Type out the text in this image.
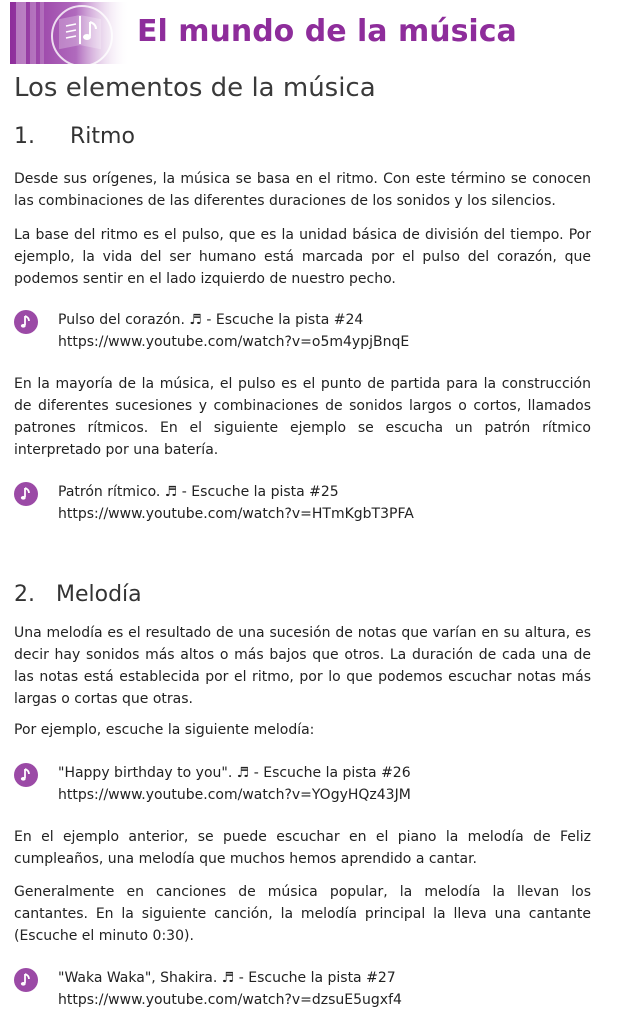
El mundo de la música
Los elementos de la música
1. Ritmo

Desde sus orígenes, la música se basa en el ritmo. Con este término se conocen las combinaciones de las diferentes duraciones de los sonidos y los silencios.

La base del ritmo es el pulso, que es la unidad básica de división del tiempo. Por ejemplo, la vida del ser humano está marcada por el pulso del corazón, que podemos sentir en el lado izquierdo de nuestro pecho.

Pulso del corazón. ♬ - Escuche la pista #24
https://www.youtube.com/watch?v=o5m4ypjBnqE

En la mayoría de la música, el pulso es el punto de partida para la construcción de diferentes sucesiones y combinaciones de sonidos largos o cortos, llamados patrones rítmicos. En el siguiente ejemplo se escucha un patrón rítmico interpretado por una batería.

Patrón rítmico. ♬ - Escuche la pista #25
https://www.youtube.com/watch?v=HTmKgbT3PFA
2. Melodía

Una melodía es el resultado de una sucesión de notas que varían en su altura, es decir hay sonidos más altos o más bajos que otros. La duración de cada una de las notas está establecida por el ritmo, por lo que podemos escuchar notas más largas o cortas que otras.

Por ejemplo, escuche la siguiente melodía:

"Happy birthday to you". ♬ - Escuche la pista #26
https://www.youtube.com/watch?v=YOgyHQz43JM

En el ejemplo anterior, se puede escuchar en el piano la melodía de Feliz cumpleaños, una melodía que muchos hemos aprendido a cantar.

Generalmente en canciones de música popular, la melodía la llevan los cantantes. En la siguiente canción, la melodía principal la lleva una cantante (Escuche el minuto 0:30).

"Waka Waka", Shakira. ♬ - Escuche la pista #27
https://www.youtube.com/watch?v=dzsuE5ugxf4
